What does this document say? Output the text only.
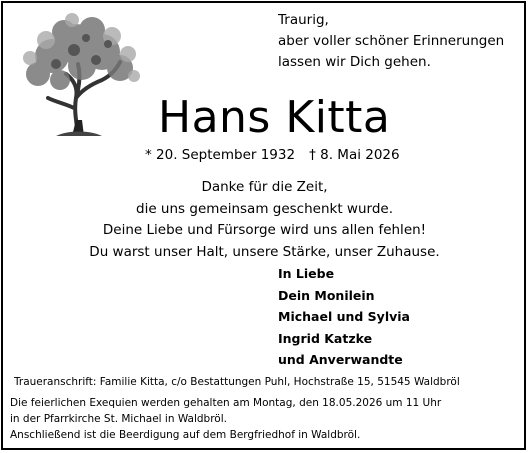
Traurig,
aber voller schöner Erinnerungen
lassen wir Dich gehen.
Hans Kitta
* 20. September 1932 † 8. Mai 2026
Danke für die Zeit,
die uns gemeinsam geschenkt wurde.
Deine Liebe und Fürsorge wird uns allen fehlen!
Du warst unser Halt, unsere Stärke, unser Zuhause.
In Liebe
Dein Monilein
Michael und Sylvia
Ingrid Katzke
und Anverwandte
Traueranschrift: Familie Kitta, c/o Bestattungen Puhl, Hochstraße 15, 51545 Waldbröl
Die feierlichen Exequien werden gehalten am Montag, den 18.05.2026 um 11 Uhr
in der Pfarrkirche St. Michael in Waldbröl.
Anschließend ist die Beerdigung auf dem Bergfriedhof in Waldbröl.
